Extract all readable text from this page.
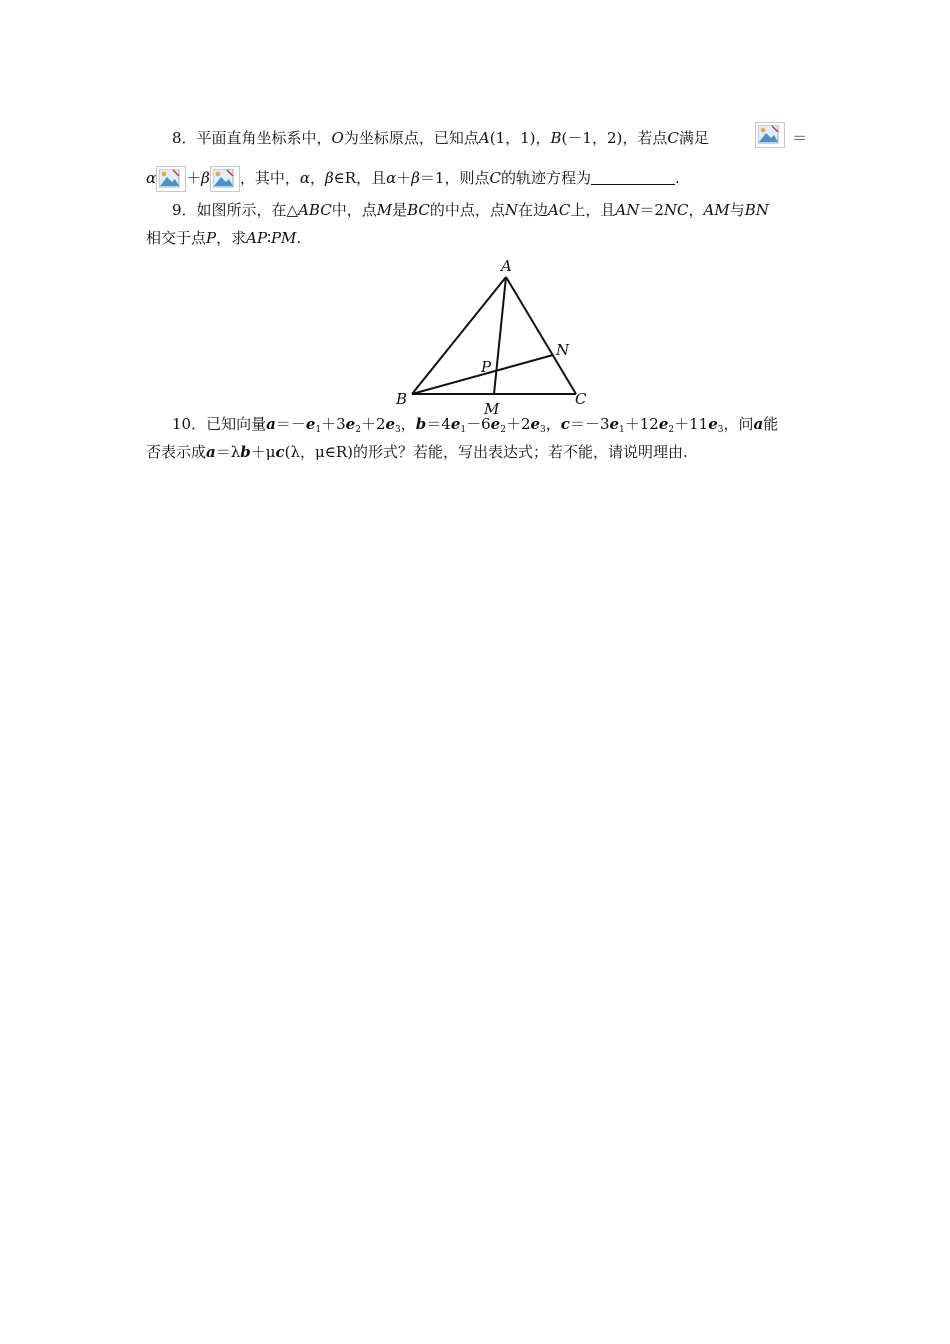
8．平面直角坐标系中，O为坐标原点，已知点A(1，1)，B(－1，2)，若点C满足	＝
α ＋β ，其中，α，β∈R，且α＋β＝1，则点C的轨迹方程为	.
9．如图所示，在△ABC中，点M是BC的中点，点N在边AC上，且AN＝2NC，AM与BN
相交于点P，求AP∶PM.
A
B	C
M
N
P
10．已知向量$a=-e_1+3e_2+2e_3$，$b=4e_1-6e_2+2e_3$，$c=-3e_1+12e_2+11e_3$，问a能
否表示成a＝λb＋μc(λ，μ∈R)的形式？若能，写出表达式；若不能，请说明理由.
